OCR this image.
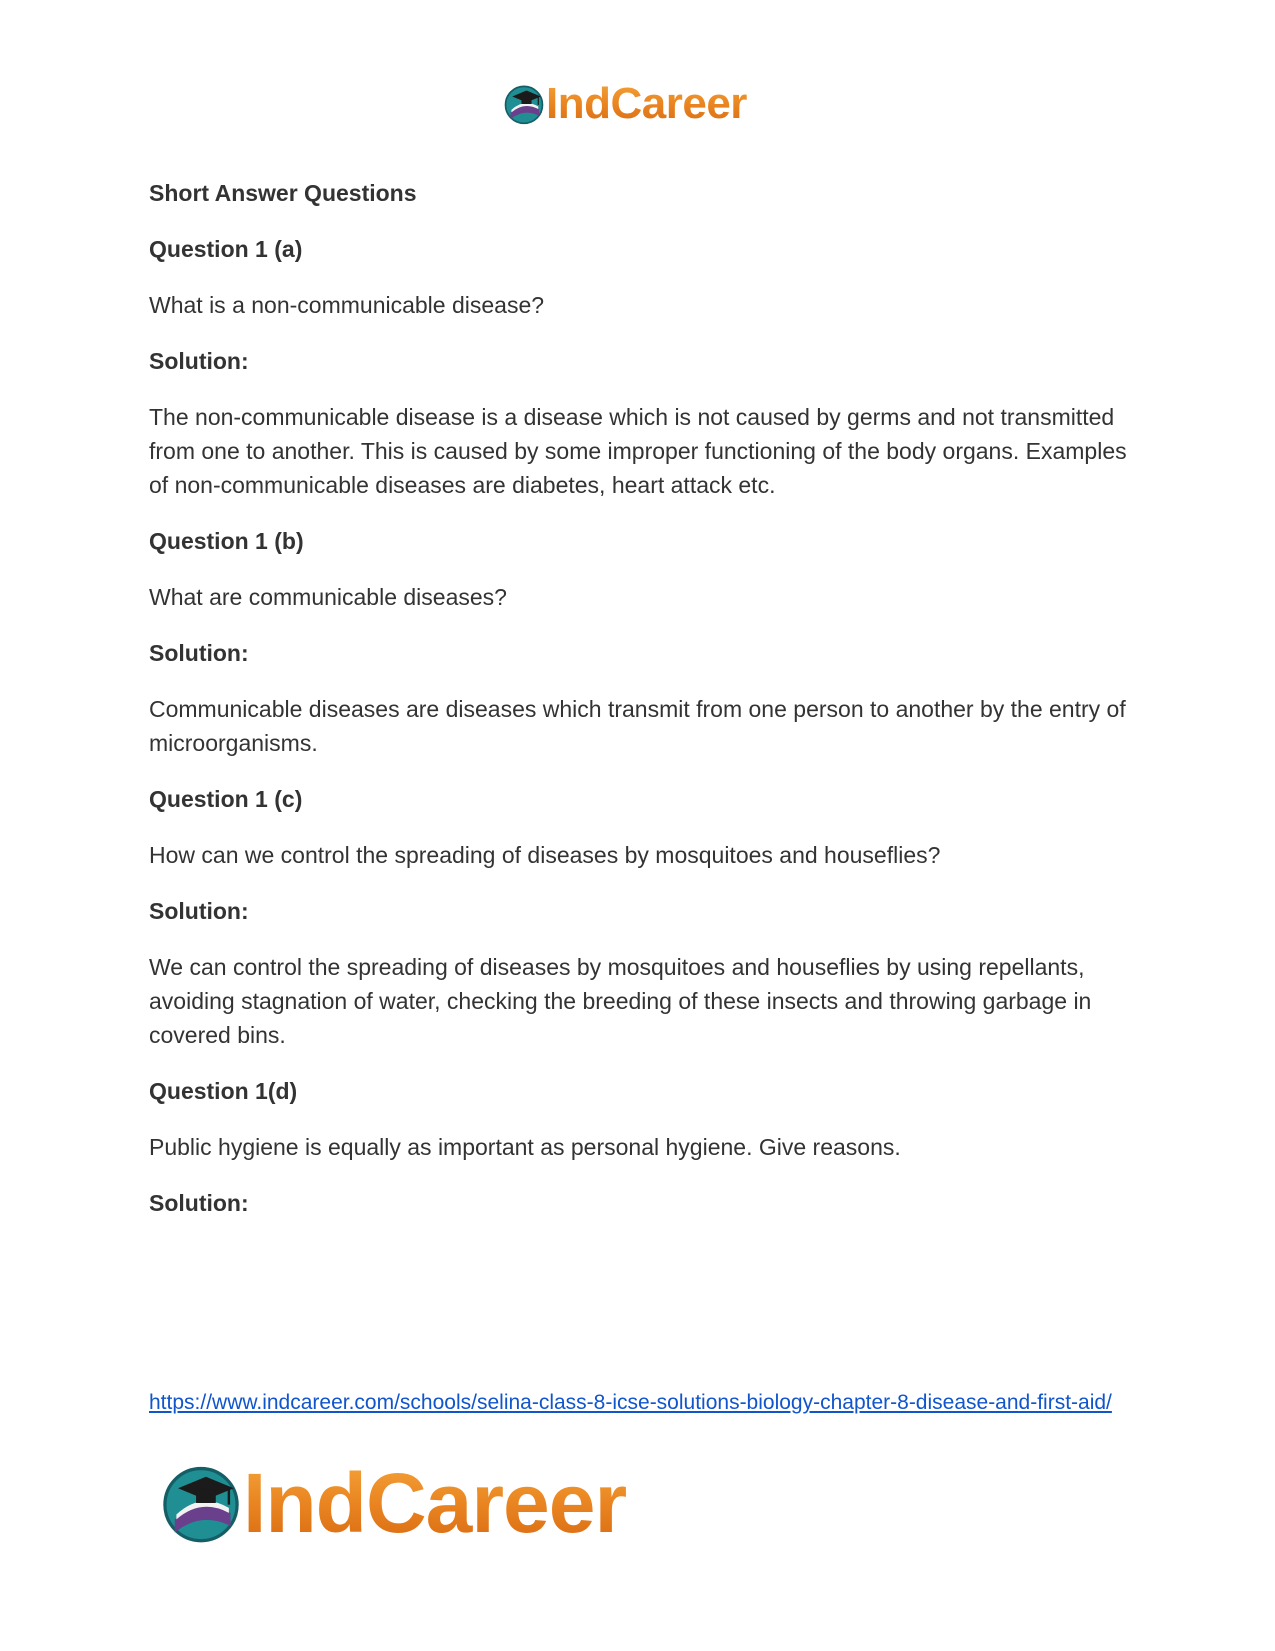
IndCareer

Short Answer Questions

Question 1 (a)

What is a non-communicable disease?

Solution:

The non-communicable disease is a disease which is not caused by germs and not transmitted from one to another. This is caused by some improper functioning of the body organs. Examples of non-communicable diseases are diabetes, heart attack etc.

Question 1 (b)

What are communicable diseases?

Solution:

Communicable diseases are diseases which transmit from one person to another by the entry of microorganisms.

Question 1 (c)

How can we control the spreading of diseases by mosquitoes and houseflies?

Solution:

We can control the spreading of diseases by mosquitoes and houseflies by using repellants, avoiding stagnation of water, checking the breeding of these insects and throwing garbage in covered bins.

Question 1(d)

Public hygiene is equally as important as personal hygiene. Give reasons.

Solution:

https://www.indcareer.com/schools/selina-class-8-icse-solutions-biology-chapter-8-disease-and-first-aid/
IndCareer
